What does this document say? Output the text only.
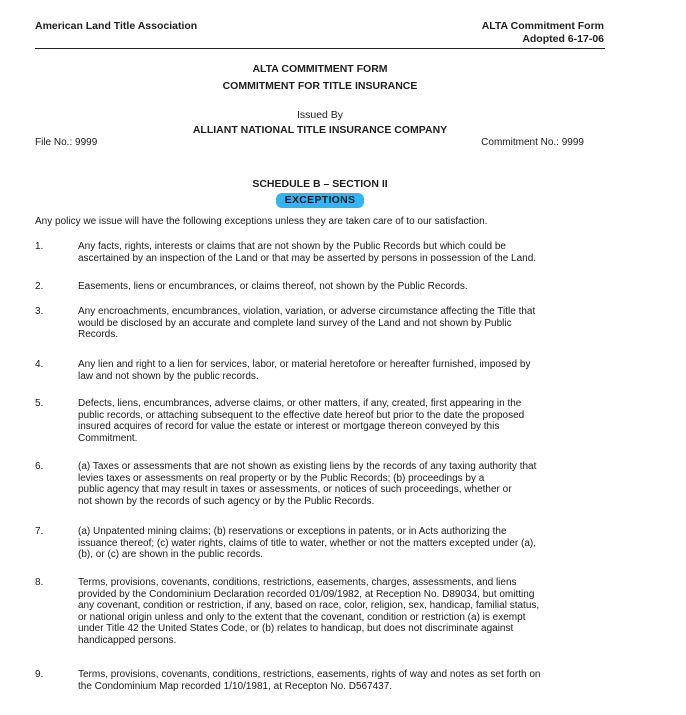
American Land Title Association	ALTA Commitment Form
Adopted 6-17-06
ALTA COMMITMENT FORM
COMMITMENT FOR TITLE INSURANCE
Issued By
ALLIANT NATIONAL TITLE INSURANCE COMPANY
File No.: 9999	Commitment No.: 9999
SCHEDULE B – SECTION II
EXCEPTIONS
Any policy we issue will have the following exceptions unless they are taken care of to our satisfaction.
1.	Any facts, rights, interests or claims that are not shown by the Public Records but which could be
ascertained by an inspection of the Land or that may be asserted by persons in possession of the Land.
2.	Easements, liens or encumbrances, or claims thereof, not shown by the Public Records.
3.	Any encroachments, encumbrances, violation, variation, or adverse circumstance affecting the Title that
would be disclosed by an accurate and complete land survey of the Land and not shown by Public
Records.
4.	Any lien and right to a lien for services, labor, or material heretofore or hereafter furnished, imposed by
law and not shown by the public records.
5.	Defects, liens, encumbrances, adverse claims, or other matters, if any, created, first appearing in the
public records, or attaching subsequent to the effective date hereof but prior to the date the proposed
insured acquires of record for value the estate or interest or mortgage thereon conveyed by this
Commitment.
6.	(a) Taxes or assessments that are not shown as existing liens by the records of any taxing authority that
levies taxes or assessments on real property or by the Public Records; (b) proceedings by a
public agency that may result in taxes or assessments, or notices of such proceedings, whether or
not shown by the records of such agency or by the Public Records.
7.	(a) Unpatented mining claims; (b) reservations or exceptions in patents, or in Acts authorizing the
issuance thereof; (c) water rights, claims of title to water, whether or not the matters excepted under (a),
(b), or (c) are shown in the public records.
8.	Terms, provisions, covenants, conditions, restrictions, easements, charges, assessments, and liens
provided by the Condominium Declaration recorded 01/09/1982, at Reception No. D89034, but omitting
any covenant, condition or restriction, if any, based on race, color, religion, sex, handicap, familial status,
or national origin unless and only to the extent that the covenant, condition or restriction (a) is exempt
under Title 42 the United States Code, or (b) relates to handicap, but does not discriminate against
handicapped persons.
9.	Terms, provisions, covenants, conditions, restrictions, easements, rights of way and notes as set forth on
the Condominium Map recorded 1/10/1981, at Recepton No. D567437.
